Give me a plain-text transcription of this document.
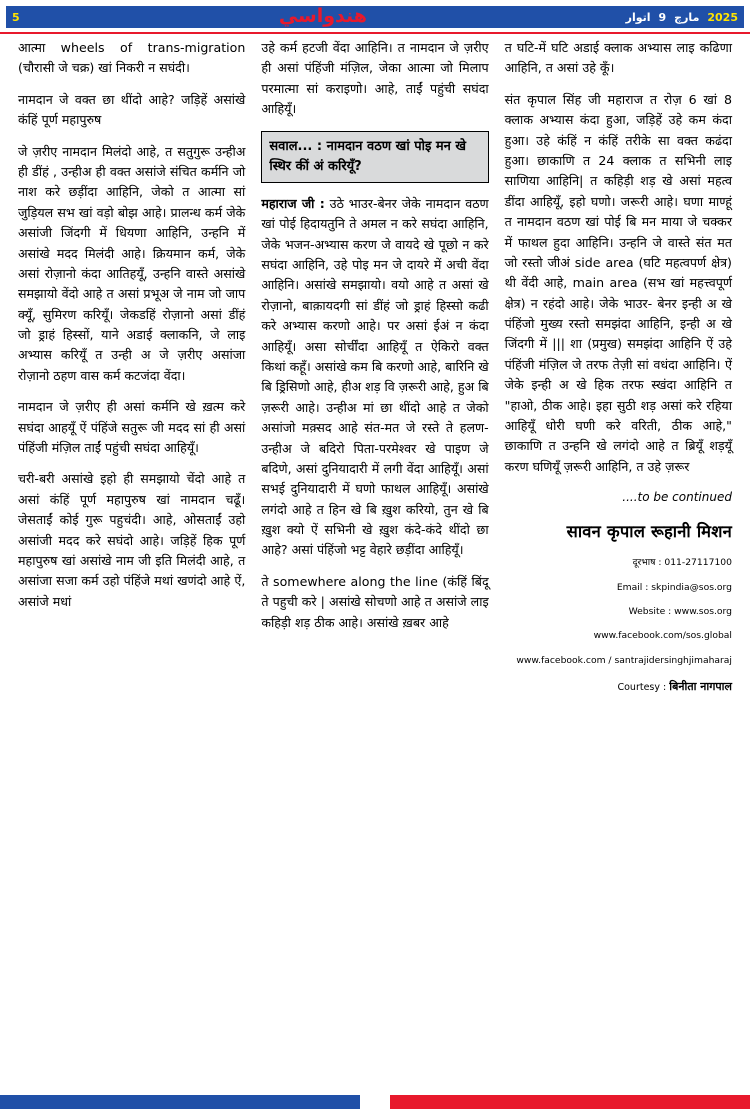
5	هندواسي	اتوار 9 مارچ 2025

आत्मा wheels of trans-migration (चौरासी जे चक्र) खां निकरी न सघंदी।

नामदान जे वक्त छा थींदो आहे? जड़िहें असांखे कंहिं पूर्ण महापुरुष

जे ज़रीए नामदान मिलंदो आहे, त सतुगुरू उन्हीअ ही डींहं , उन्हीअ ही वक्त असांजे संचित कर्मनि जो नाश करे छड़ींदा आहिनि, जेको त आत्मा सां जुड़ियल सभ खां वड़ो बोझ आहे। प्रालन्ध कर्म जेके असांजी जिंदगी में धियणा आहिनि, उन्हनि में असांखे मदद मिलंदी आहे। क्रियमान कर्म, जेके असां रोज़ानो कंदा आतिहयूँ, उन्हनि वास्ते असांखे समझायो वेंदो आहे त असां प्रभूअ जे नाम जो जाप क्यूँ, सुमिरण करियूँ। जेकडहिं रोज़ानो असां डींहं जो ड्राहं हिस्सों, याने अडाई क्लाकनि, जे लाइ अभ्यास करियूँ त उन्ही अ जे ज़रीए असांजा रोज़ानो ठहण वास कर्म कटजंदा वेंदा।

नामदान जे ज़रीए ही असां कर्मनि खे ख़त्म करे सघंदा आहयूँ ऐं पंहिंजे सतुरू जी मदद सां ही असां पंहिंजी मंज़िल ताईं पहुंची सघंदा आहियूँ।

चरी-बरी असांखे इहो ही समझायो चेंदो आहे त असां कंहिं पूर्ण महापुरुष खां नामदान चढूँ। जेसताईं कोई गुरू पहुचंदी। आहे, ओसताईं उहो असांजी मदद करे सघंदो आहे। जड़िहें हिक पूर्ण महापुरुष खां असांखे नाम जी इति मिलंदी आहे, त असांजा सजा कर्म उहो पंहिंजे मथां खणंदो आहे ऐं, असांजे मधां

उहे कर्म हटजी वेंदा आहिनि। त नामदान जे ज़रीए ही असां पंहिंजी मंज़िल, जेका आत्मा जो मिलाप परमात्मा सां कराइणो। आहे, ताईं पहुंची सघंदा आहियूँ।

सवाल... : नामदान वठण खां पोइ मन खे स्थिर कीं अं करियूँ?

महाराज जी : उठे भाउर-बेनर जेके नामदान वठण खां पोई हिदायतुनि ते अमल न करे सघंदा आहिनि, जेके भजन-अभ्यास करण जे वायदे खे पूछो न करे सघंदा आहिनि, उहे पोइ मन जे दायरे में अची वेंदा आहिनि। असांखे समझायो। वयो आहे त असां खे रोज़ानो, बाक़ायदगी सां डींहं जो ड्राहं हिस्सो कढी करे अभ्यास करणो आहे। पर असां ईअं न कंदा आहियूँ। असा सोर्चींदा आहियूँ त ऐकिरो वक्त किथां कहूँ। असांखे कम बि करणो आहे, बारिनि खे बि ड्रिसिणो आहे, हीअ शड़ वि ज़रूरी आहे, हुअ बि ज़रूरी आहे। उन्हीअ मां छा थींदो आहे त जेको असांजो मक़्सद आहे संत-मत जे रस्ते ते हलण- उन्हीअ जे बदिरो पिता-परमेश्वर खे पाइण जे बदिणे, असां दुनियादारी में लगी वेंदा आहियूँ। असां सभई दुनियादारी में घणो फाथल आहियूँ। असांखे लगंदो आहे त हिन खे बि ख़ुश करियो, तुन खे बि ख़ुश क्यो ऐं सभिनी खे ख़ुश कंदे-कंदे थींदो छा आहे? असां पंहिंजो भट्ट वेहारे छड़ींदा आहियूँ।

ते somewhere along the line (कंहिं बिंदू ते पहुची करे | असांखे सोचणो आहे त असांजे लाइ कहिड़ी शड़ ठीक आहे। असांखे ख़बर आहे

त घटि-में घटि अडाई क्लाक अभ्यास लाइ कढिणा आहिनि, त असां उहे कूँ।

संत कृपाल सिंह जी महाराज त रोज़ 6 खां 8 क्लाक अभ्यास कंदा हुआ, जड़िहें उहे कम कंदा हुआ। उहे कंहिं न कंहिं तरीके सा वक्त कढंदा हुआ। छाकाणि त 24 क्लाक त सभिनी लाइ साणिया आहिनि| त कहिड़ी शड़ खे असां महत्व डींदा आहियूँ, इहो घणो। जरूरी आहे। घणा माण्हूं त नामदान वठण खां पोई बि मन माया जे चक्कर में फाथल हुदा आहिनि। उन्हनि जे वास्ते संत मत जो रस्तो जीअं side area (घटि महत्वपर्ण क्षेत्र) थी वेंदी आहे, main area (सभ खां महत्त्वपूर्ण क्षेत्र) न रहंदो आहे। जेके भाउर- बेनर इन्ही अ खे पंहिंजो मुख्य रस्तो समझंदा आहिनि, इन्ही अ खे जिंदगी में ||| शा (प्रमुख) समझंदा आहिनि ऐं उहे पंहिंजी मंज़िल जे तरफ तेज़ी सां वधंदा आहिनि। ऐं जेके इन्ही अ खे हिक तरफ स्खंदा आहिनि त "हाओ, ठीक आहे। इहा सुठी शड़ असां करे रहिया आहियूँ धोरी घणी करे वरिती, ठीक आहे," छाकाणि त उन्हनि खे लगंदो आहे त ब्रियूँ शड़यूँ करण घणियूँ ज़रूरी आहिनि, त उहे ज़रूर

....to be continued

सावन कृपाल रूहानी मिशन

दूरभाष : 011-27117100

Email : skpindia@sos.org

Website : www.sos.org

www.facebook.com/sos.global

www.facebook.com / santrajidersinghjimaharaj

Courtesy : बिनीता नागपाल
